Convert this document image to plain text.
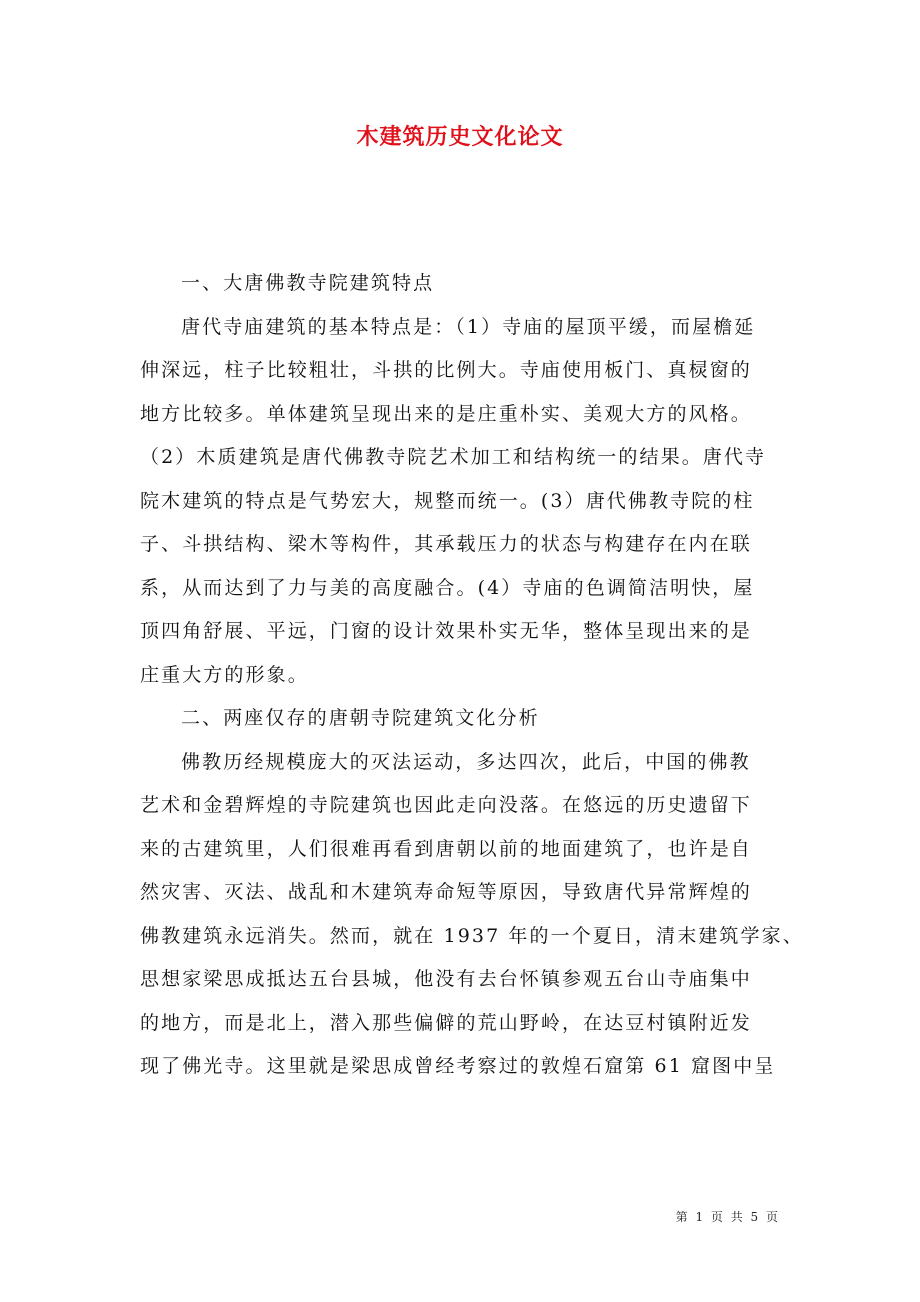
木建筑历史文化论文
一、大唐佛教寺院建筑特点
唐代寺庙建筑的基本特点是：（1）寺庙的屋顶平缓，而屋檐延
伸深远，柱子比较粗壮，斗拱的比例大。寺庙使用板门、真棂窗的
地方比较多。单体建筑呈现出来的是庄重朴实、美观大方的风格。
（2）木质建筑是唐代佛教寺院艺术加工和结构统一的结果。唐代寺
院木建筑的特点是气势宏大，规整而统一。(3）唐代佛教寺院的柱
子、斗拱结构、梁木等构件，其承载压力的状态与构建存在内在联
系，从而达到了力与美的高度融合。(4）寺庙的色调简洁明快，屋
顶四角舒展、平远，门窗的设计效果朴实无华，整体呈现出来的是
庄重大方的形象。
二、两座仅存的唐朝寺院建筑文化分析
佛教历经规模庞大的灭法运动，多达四次，此后，中国的佛教
艺术和金碧辉煌的寺院建筑也因此走向没落。在悠远的历史遗留下
来的古建筑里，人们很难再看到唐朝以前的地面建筑了，也许是自
然灾害、灭法、战乱和木建筑寿命短等原因，导致唐代异常辉煌的
佛教建筑永远消失。然而，就在 1937 年的一个夏日，清末建筑学家、
思想家梁思成抵达五台县城，他没有去台怀镇参观五台山寺庙集中
的地方，而是北上，潜入那些偏僻的荒山野岭，在达豆村镇附近发
现了佛光寺。这里就是梁思成曾经考察过的敦煌石窟第 61 窟图中呈
第 1 页 共 5 页
